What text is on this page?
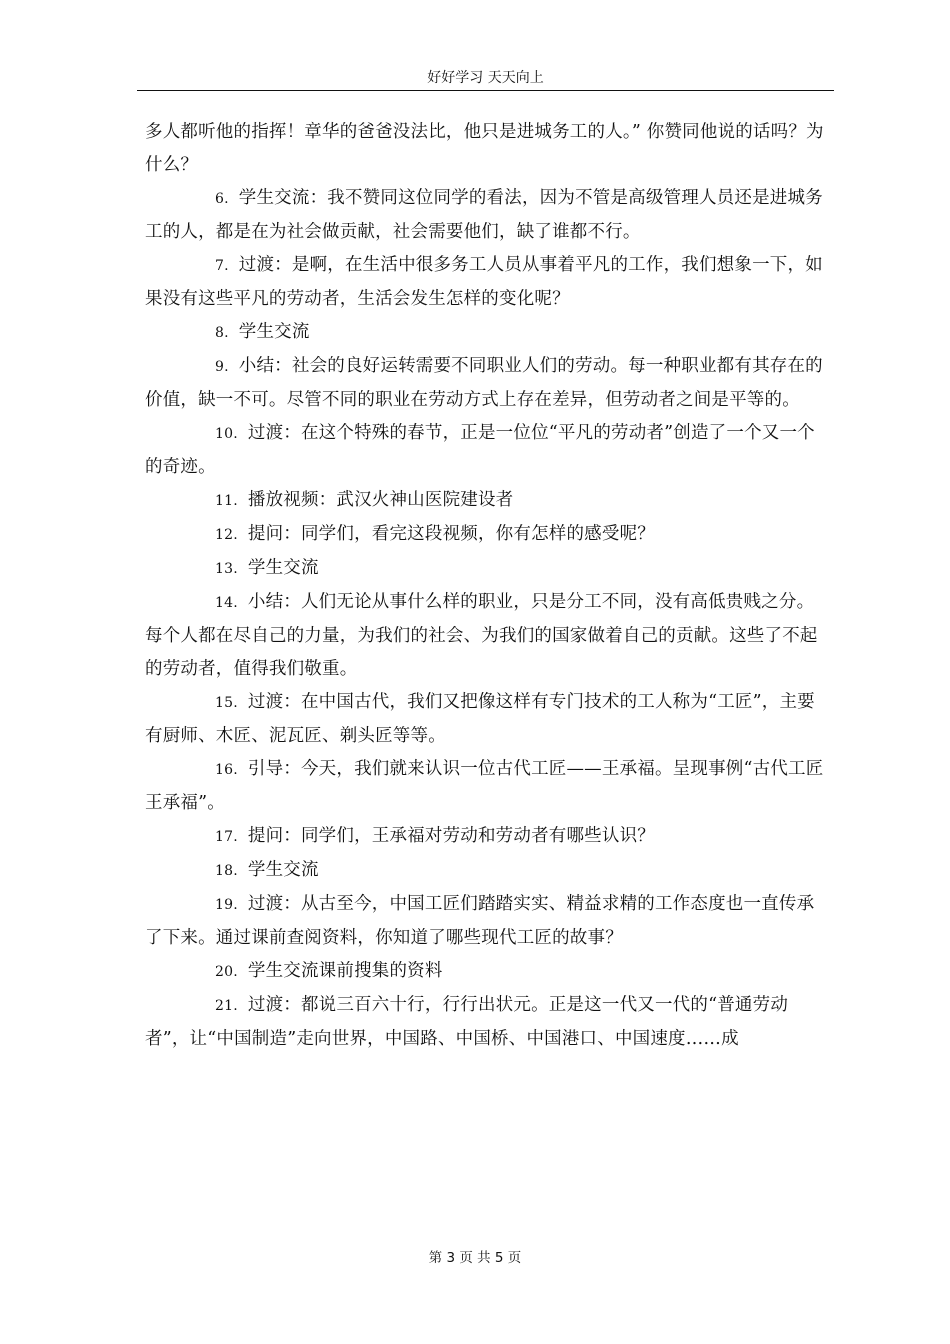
好好学习 天天向上

多人都听他的指挥！章华的爸爸没法比，他只是进城务工的人。” 你赞同他说的话吗？为什么？

6. 学生交流：我不赞同这位同学的看法，因为不管是高级管理人员还是进城务工的人，都是在为社会做贡献，社会需要他们，缺了谁都不行。

7. 过渡：是啊，在生活中很多务工人员从事着平凡的工作，我们想象一下，如果没有这些平凡的劳动者，生活会发生怎样的变化呢？

8. 学生交流

9. 小结：社会的良好运转需要不同职业人们的劳动。每一种职业都有其存在的价值，缺一不可。尽管不同的职业在劳动方式上存在差异，但劳动者之间是平等的。

10. 过渡：在这个特殊的春节，正是一位位“平凡的劳动者”创造了一个又一个的奇迹。

11. 播放视频：武汉火神山医院建设者

12. 提问：同学们，看完这段视频，你有怎样的感受呢？

13. 学生交流

14. 小结：人们无论从事什么样的职业，只是分工不同，没有高低贵贱之分。每个人都在尽自己的力量，为我们的社会、为我们的国家做着自己的贡献。这些了不起的劳动者，值得我们敬重。

15. 过渡：在中国古代，我们又把像这样有专门技术的工人称为“工匠”，主要有厨师、木匠、泥瓦匠、剃头匠等等。

16. 引导：今天，我们就来认识一位古代工匠——王承福。呈现事例“古代工匠王承福”。

17. 提问：同学们，王承福对劳动和劳动者有哪些认识？

18. 学生交流

19. 过渡：从古至今，中国工匠们踏踏实实、精益求精的工作态度也一直传承了下来。通过课前查阅资料，你知道了哪些现代工匠的故事？

20. 学生交流课前搜集的资料

21. 过渡：都说三百六十行，行行出状元。正是这一代又一代的“普通劳动者”，让“中国制造”走向世界，中国路、中国桥、中国港口、中国速度……成

第 3 页 共 5 页
